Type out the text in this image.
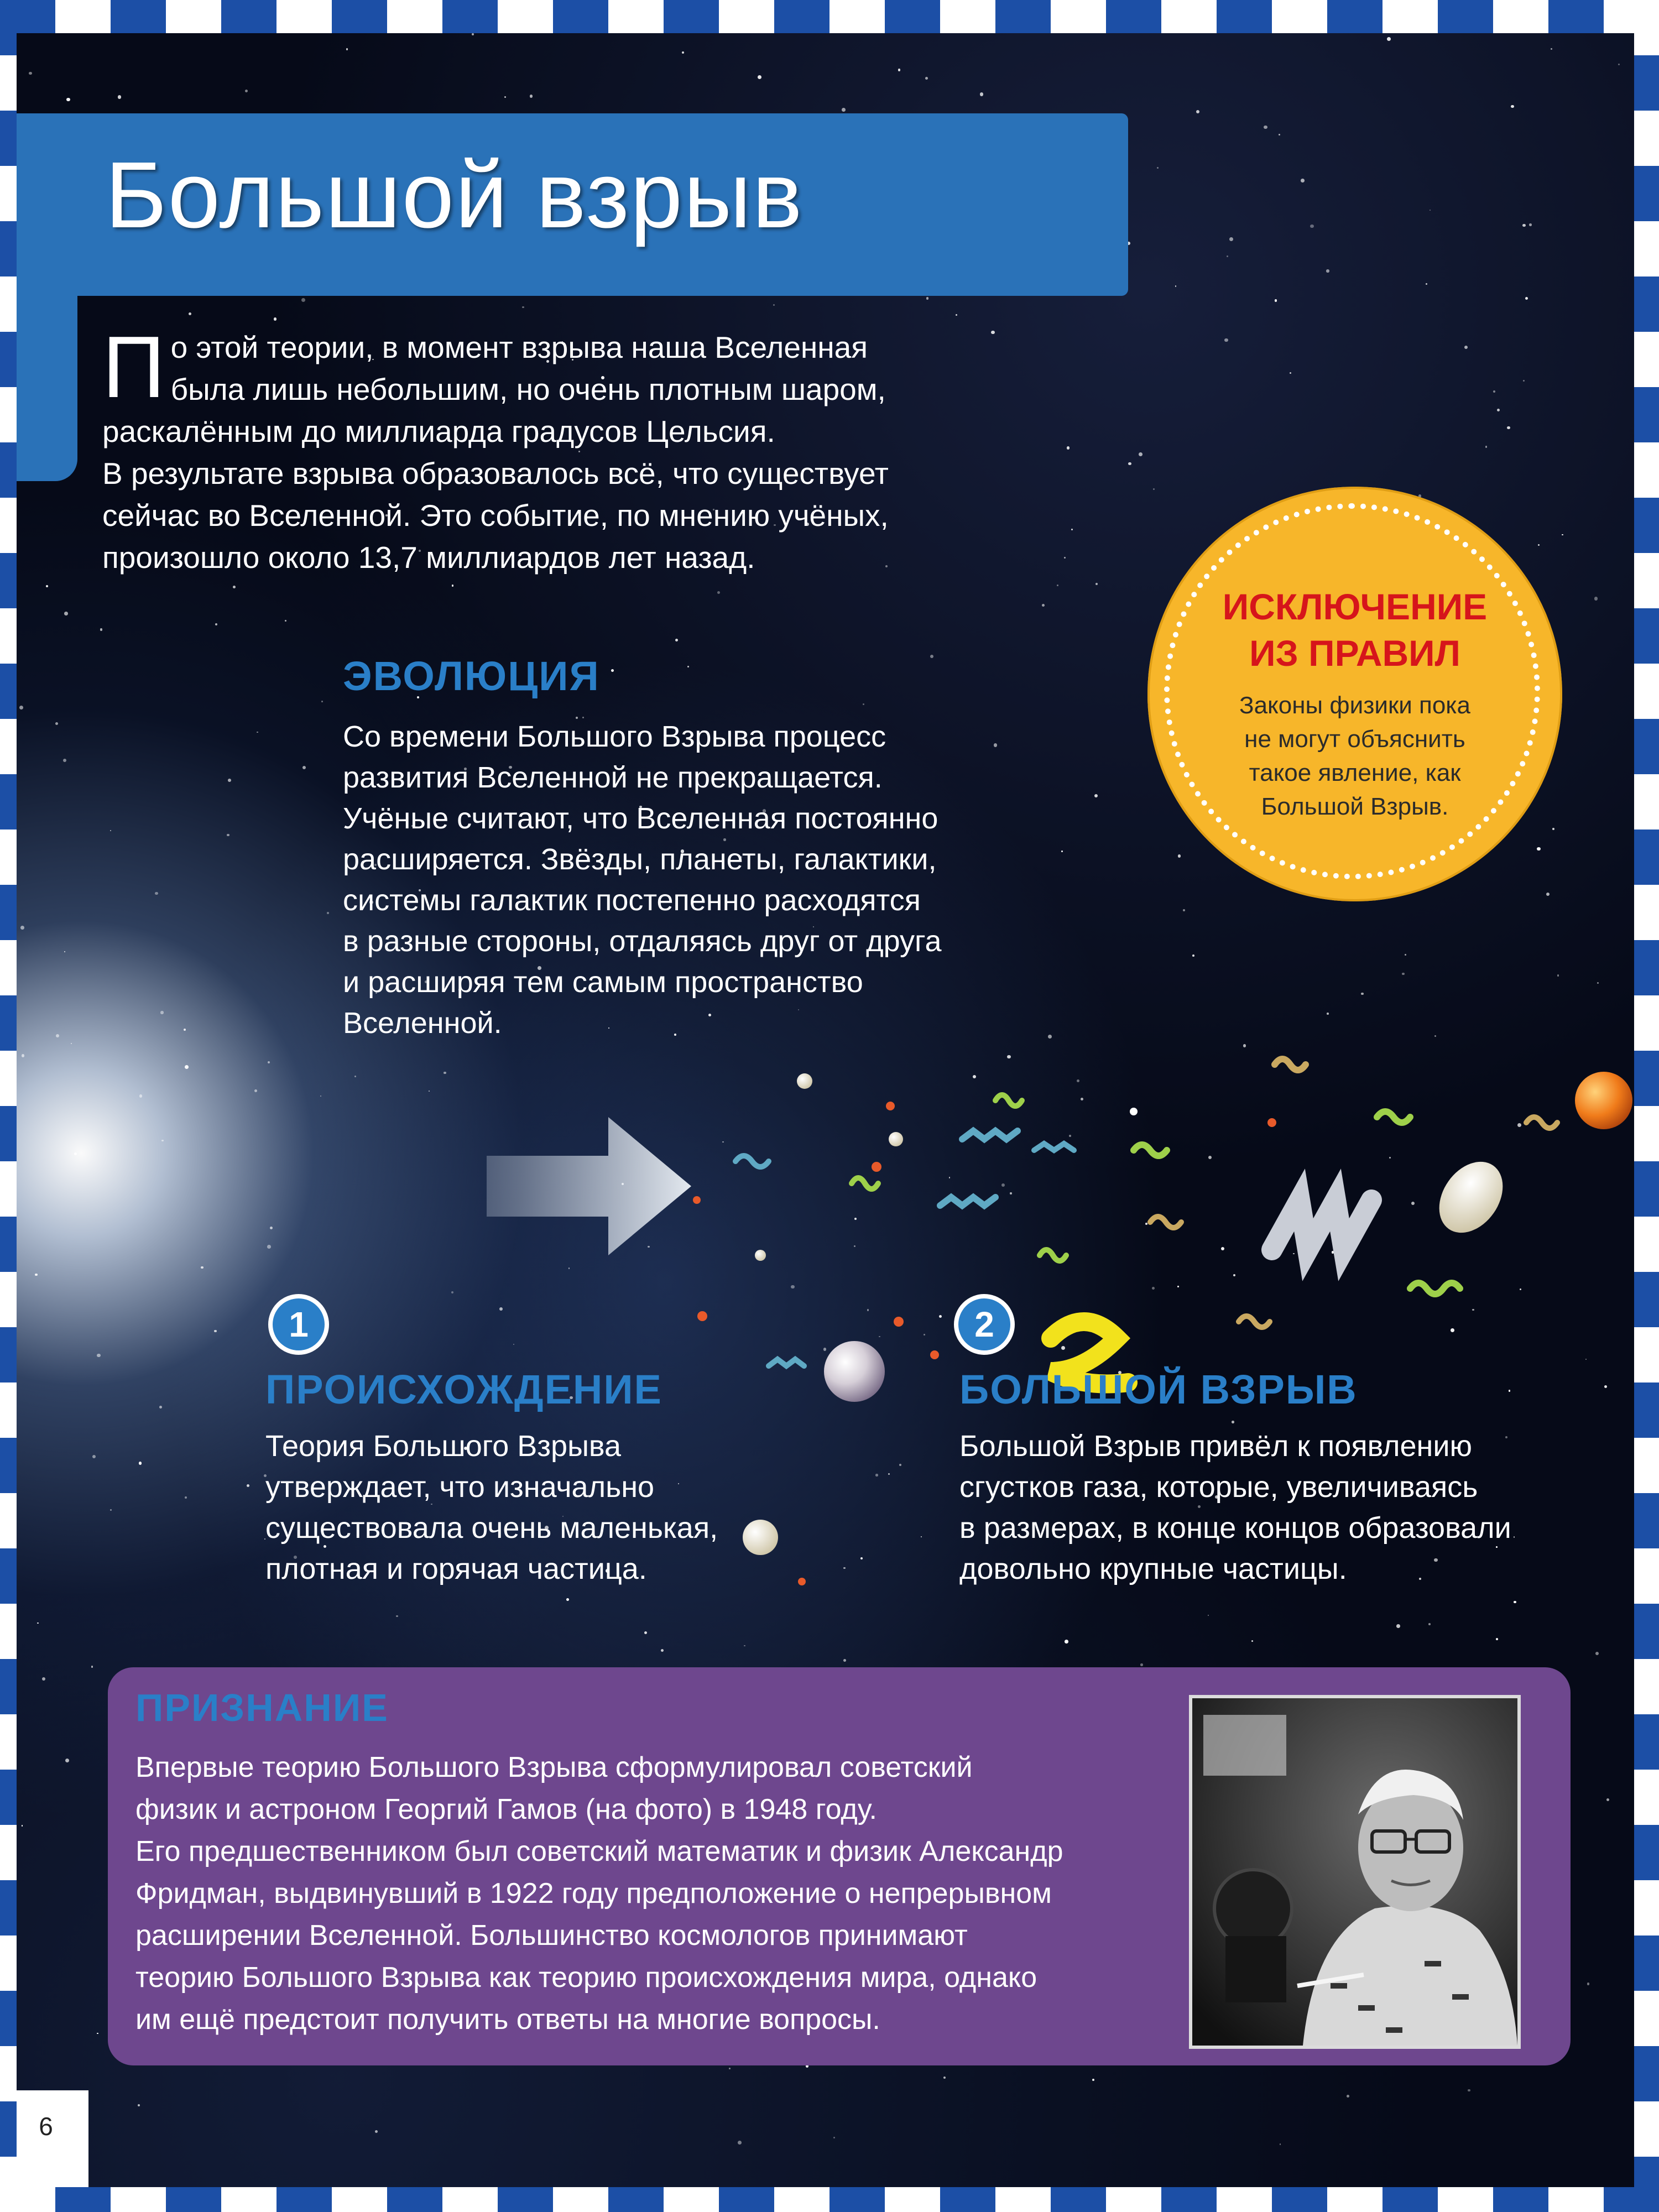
6
Большой взрыв
П о этой теории, в момент взрыва наша Вселенная
была лишь небольшим, но очень плотным шаром,
раскалённым до миллиарда градусов Цельсия.
В результате взрыва образовалось всё, что существует
сейчас во Вселенной. Это событие, по мнению учёных,
произошло около 13,7 миллиардов лет назад.
ЭВОЛЮЦИЯ
Со времени Большого Взрыва процесс
развития Вселенной не прекращается.
Учёные считают, что Вселенная постоянно
расширяется. Звёзды, планеты, галактики,
системы галактик постепенно расходятся
в разные стороны, отдаляясь друг от друга
и расширяя тем самым пространство
Вселенной.
ИСКЛЮЧЕНИЕ
ИЗ ПРАВИЛ
Законы физики пока
не могут объяснить
такое явление, как
Большой Взрыв.
1
ПРОИСХОЖДЕНИЕ
Теория Большого Взрыва
утверждает, что изначально
существовала очень маленькая,
плотная и горячая частица.
2
БОЛЬШОЙ ВЗРЫВ
Большой Взрыв привёл к появлению
сгустков газа, которые, увеличиваясь
в размерах, в конце концов образовали
довольно крупные частицы.
ПРИЗНАНИЕ
Впервые теорию Большого Взрыва сформулировал советский
физик и астроном Георгий Гамов (на фото) в 1948 году.
Его предшественником был советский математик и физик Александр
Фридман, выдвинувший в 1922 году предположение о непрерывном
расширении Вселенной. Большинство космологов принимают
теорию Большого Взрыва как теорию происхождения мира, однако
им ещё предстоит получить ответы на многие вопросы.
